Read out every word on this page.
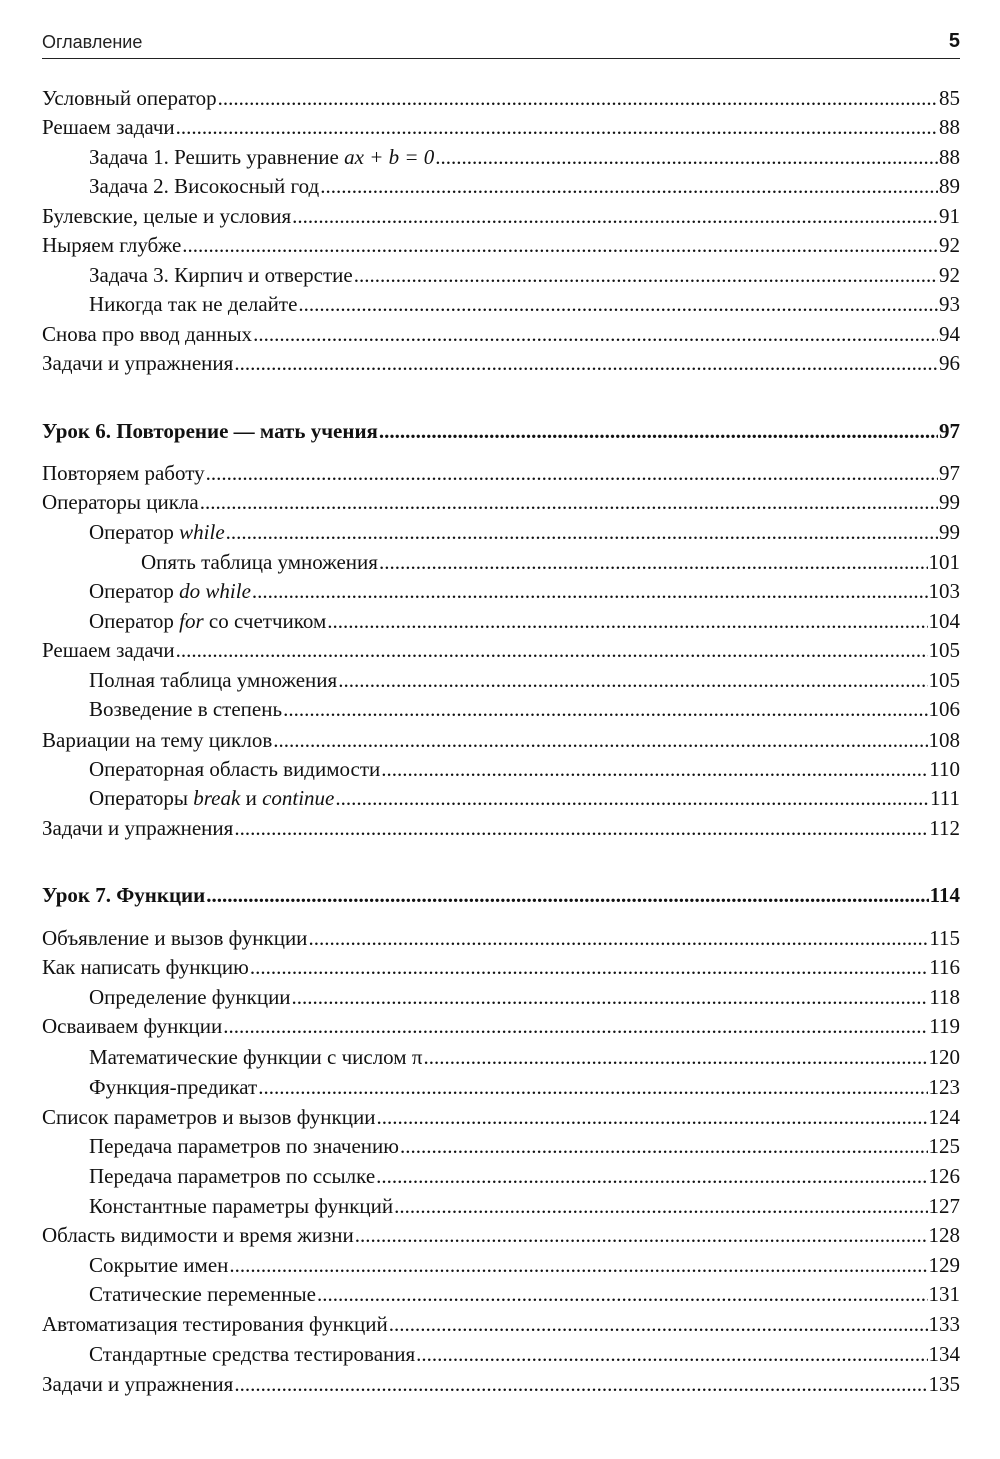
Оглавление	5
Условный оператор .....	85
Решаем задачи .....	88
Задача 1. Решить уравнение ax + b = 0 .....	88
Задача 2. Високосный год .....	89
Булевские, целые и условия .....	91
Ныряем глубже .....	92
Задача 3. Кирпич и отверстие .....	92
Никогда так не делайте .....	93
Снова про ввод данных .....	94
Задачи и упражнения .....	96
Урок 6. Повторение — мать учения .....	97
Повторяем работу .....	97
Операторы цикла .....	99
Оператор while .....	99
Опять таблица умножения .....	101
Оператор do while .....	103
Оператор for со счетчиком .....	104
Решаем задачи .....	105
Полная таблица умножения .....	105
Возведение в степень .....	106
Вариации на тему циклов .....	108
Операторная область видимости .....	110
Операторы break и continue .....	111
Задачи и упражнения .....	112
Урок 7. Функции .....	114
Объявление и вызов функции .....	115
Как написать функцию .....	116
Определение функции .....	118
Осваиваем функции .....	119
Математические функции с числом π .....	120
Функция-предикат .....	123
Список параметров и вызов функции .....	124
Передача параметров по значению .....	125
Передача параметров по ссылке .....	126
Константные параметры функций .....	127
Область видимости и время жизни .....	128
Сокрытие имен .....	129
Статические переменные .....	131
Автоматизация тестирования функций .....	133
Стандартные средства тестирования .....	134
Задачи и упражнения .....	135
